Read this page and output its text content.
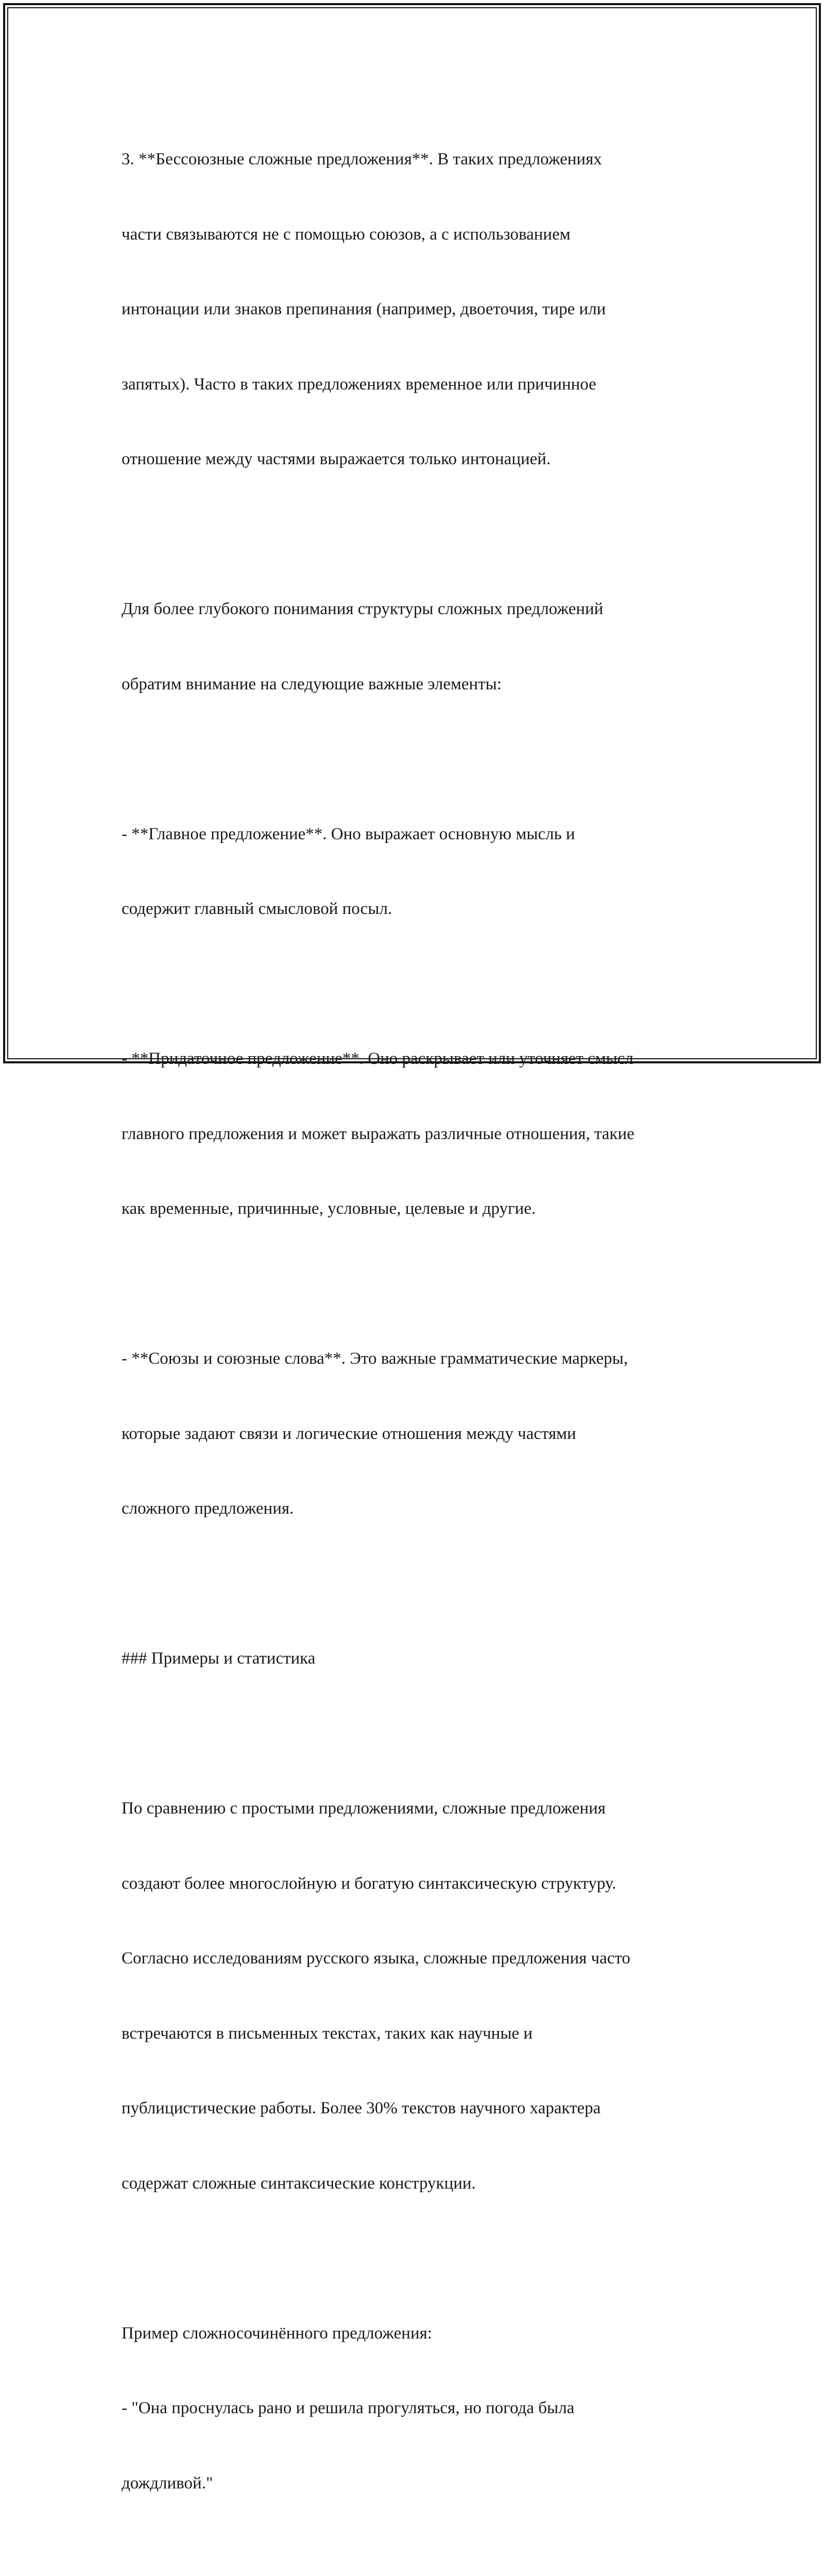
3. **Бессоюзные сложные предложения**. В таких предложениях

части связываются не с помощью союзов, а с использованием

интонации или знаков препинания (например, двоеточия, тире или

запятых). Часто в таких предложениях временное или причинное

отношение между частями выражается только интонацией.

Для более глубокого понимания структуры сложных предложений

обратим внимание на следующие важные элементы:

- **Главное предложение**. Оно выражает основную мысль и

содержит главный смысловой посыл.

- **Придаточное предложение**. Оно раскрывает или уточняет смысл

главного предложения и может выражать различные отношения, такие

как временные, причинные, условные, целевые и другие.

- **Союзы и союзные слова**. Это важные грамматические маркеры,

которые задают связи и логические отношения между частями

сложного предложения.

### Примеры и статистика

По сравнению с простыми предложениями, сложные предложения

создают более многослойную и богатую синтаксическую структуру.

Согласно исследованиям русского языка, сложные предложения часто

встречаются в письменных текстах, таких как научные и

публицистические работы. Более 30% текстов научного характера

содержат сложные синтаксические конструкции.

Пример сложносочинённого предложения:

- "Она проснулась рано и решила прогуляться, но погода была

дождливой."
